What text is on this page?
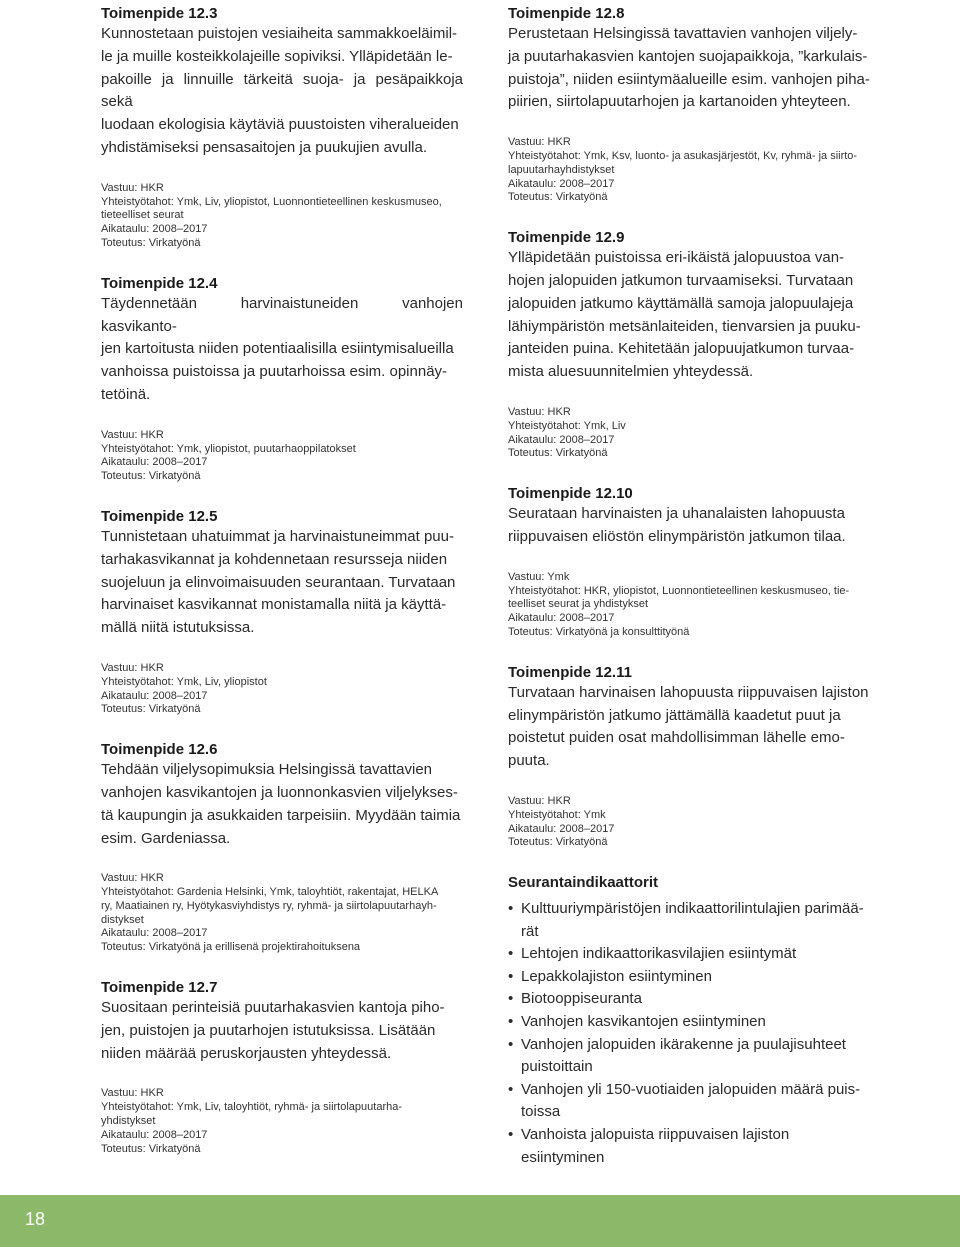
Toimenpide 12.3
Kunnostetaan puistojen vesiaiheita sammakkoeläimil-
le ja muille kosteikkolajeille sopiviksi. Ylläpidetään le-
pakoille ja linnuille tärkeitä suoja- ja pesäpaikkoja sekä
luodaan ekologisia käytäviä puustoisten viheralueiden
yhdistämiseksi pensasaitojen ja puukujien avulla.
Vastuu: HKR
Yhteistyötahot: Ymk, Liv, yliopistot, Luonnontieteellinen keskusmuseo,
tieteelliset seurat
Aikataulu: 2008–2017
Toteutus: Virkatyönä
Toimenpide 12.4
Täydennetään harvinaistuneiden vanhojen kasvikanto-
jen kartoitusta niiden potentiaalisilla esiintymisalueilla
vanhoissa puistoissa ja puutarhoissa esim. opinnäy-
tetöinä.
Vastuu: HKR
Yhteistyötahot: Ymk, yliopistot, puutarhaoppilatokset
Aikataulu: 2008–2017
Toteutus: Virkatyönä
Toimenpide 12.5
Tunnistetaan uhatuimmat ja harvinaistuneimmat puu-
tarhakasvikannat ja kohdennetaan resursseja niiden
suojeluun ja elinvoimaisuuden seurantaan. Turvataan
harvinaiset kasvikannat monistamalla niitä ja käyttä-
mällä niitä istutuksissa.
Vastuu: HKR
Yhteistyötahot: Ymk, Liv, yliopistot
Aikataulu: 2008–2017
Toteutus: Virkatyönä
Toimenpide 12.6
Tehdään viljelysopimuksia Helsingissä tavattavien
vanhojen kasvikantojen ja luonnonkasvien viljelykses-
tä kaupungin ja asukkaiden tarpeisiin. Myydään taimia
esim. Gardeniassa.
Vastuu: HKR
Yhteistyötahot: Gardenia Helsinki, Ymk, taloyhtiöt, rakentajat, HELKA
ry, Maatiainen ry, Hyötykasviyhdistys ry, ryhmä- ja siirtolapuutarhayh-
distykset
Aikataulu: 2008–2017
Toteutus: Virkatyönä ja erillisenä projektirahoituksena
Toimenpide 12.7
Suositaan perinteisiä puutarhakasvien kantoja piho-
jen, puistojen ja puutarhojen istutuksissa. Lisätään
niiden määrää peruskorjausten yhteydessä.
Vastuu: HKR
Yhteistyötahot: Ymk, Liv, taloyhtiöt, ryhmä- ja siirtolapuutarha-
yhdistykset
Aikataulu: 2008–2017
Toteutus: Virkatyönä
Toimenpide 12.8
Perustetaan Helsingissä tavattavien vanhojen viljely-
ja puutarhakasvien kantojen suojapaikkoja, ”karkulais-
puistoja”, niiden esiintymäalueille esim. vanhojen piha-
piirien, siirtolapuutarhojen ja kartanoiden yhteyteen.
Vastuu: HKR
Yhteistyötahot: Ymk, Ksv, luonto- ja asukasjärjestöt, Kv, ryhmä- ja siirto-
lapuutarhayhdistykset
Aikataulu: 2008–2017
Toteutus: Virkatyönä
Toimenpide 12.9
Ylläpidetään puistoissa eri-ikäistä jalopuustoa van-
hojen jalopuiden jatkumon turvaamiseksi. Turvataan
jalopuiden jatkumo käyttämällä samoja jalopuulajeja
lähiympäristön metsänlaiteiden, tienvarsien ja puuku-
janteiden puina. Kehitetään jalopuujatkumon turvaa-
mista aluesuunnitelmien yhteydessä.
Vastuu: HKR
Yhteistyötahot: Ymk, Liv
Aikataulu: 2008–2017
Toteutus: Virkatyönä
Toimenpide 12.10
Seurataan harvinaisten ja uhanalaisten lahopuusta
riippuvaisen eliöstön elinympäristön jatkumon tilaa.
Vastuu: Ymk
Yhteistyötahot: HKR, yliopistot, Luonnontieteellinen keskusmuseo, tie-
teelliset seurat ja yhdistykset
Aikataulu: 2008–2017
Toteutus: Virkatyönä ja konsulttityönä
Toimenpide 12.11
Turvataan harvinaisen lahopuusta riippuvaisen lajiston
elinympäristön jatkumo jättämällä kaadetut puut ja
poistetut puiden osat mahdollisimman lähelle emo-
puuta.
Vastuu: HKR
Yhteistyötahot: Ymk
Aikataulu: 2008–2017
Toteutus: Virkatyönä
Seurantaindikaattorit
• Kulttuuriympäristöjen indikaattorilintulajien parimää-
rät
• Lehtojen indikaattorikasvilajien esiintymät
• Lepakkolajiston esiintyminen
• Biotooppiseuranta
• Vanhojen kasvikantojen esiintyminen
• Vanhojen jalopuiden ikärakenne ja puulajisuhteet
puistoittain
• Vanhojen yli 150-vuotiaiden jalopuiden määrä puis-
toissa
• Vanhoista jalopuista riippuvaisen lajiston
esiintyminen
18
